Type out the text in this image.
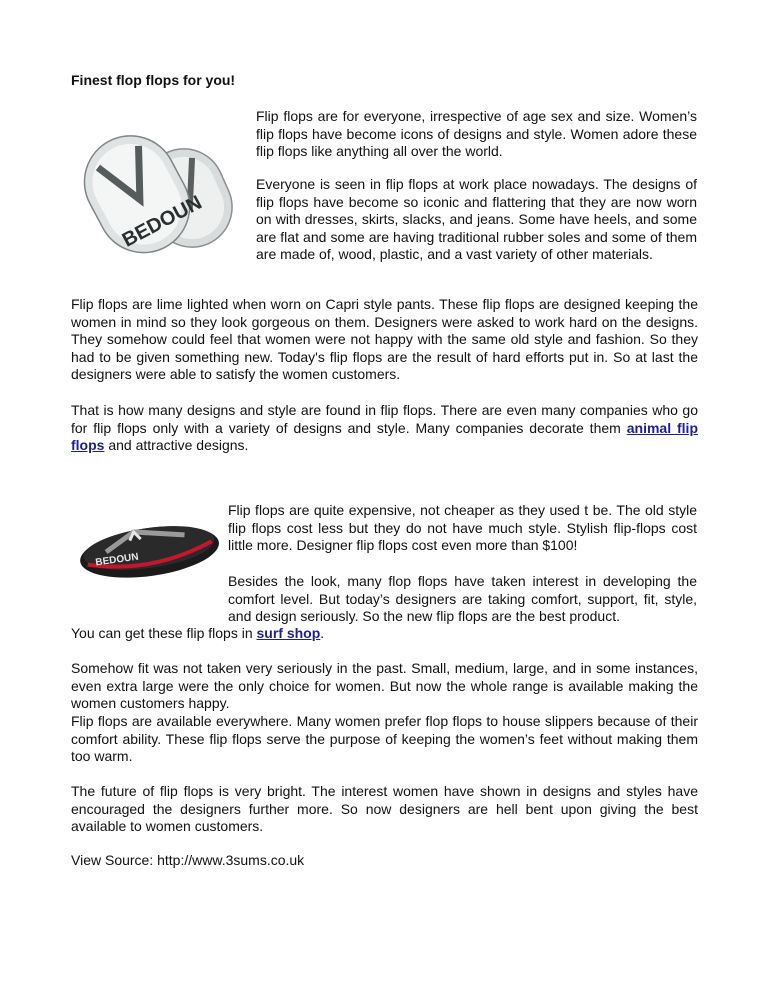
Finest flop flops for you!
BEDOUN

Flip flops are for everyone, irrespective of age sex and size. Women’s flip flops have become icons of designs and style. Women adore these flip flops like anything all over the world.

Everyone is seen in flip flops at work place nowadays. The designs of flip flops have become so iconic and flattering that they are now worn on with dresses, skirts, slacks, and jeans. Some have heels, and some are flat and some are having traditional rubber soles and some of them are made of, wood, plastic, and a vast variety of other materials.

Flip flops are lime lighted when worn on Capri style pants. These flip flops are designed keeping the women in mind so they look gorgeous on them. Designers were asked to work hard on the designs. They somehow could feel that women were not happy with the same old style and fashion. So they had to be given something new. Today's flip flops are the result of hard efforts put in. So at last the designers were able to satisfy the women customers.

That is how many designs and style are found in flip flops. There are even many companies who go for flip flops only with a variety of designs and style. Many companies decorate them animal flip flops and attractive designs.

BEDOUN

Flip flops are quite expensive, not cheaper as they used t be. The old style flip flops cost less but they do not have much style. Stylish flip-flops cost little more. Designer flip flops cost even more than $100!

Besides the look, many flop flops have taken interest in developing the comfort level. But today’s designers are taking comfort, support, fit, style, and design seriously. So the new flip flops are the best product.

You can get these flip flops in surf shop.

Somehow fit was not taken very seriously in the past. Small, medium, large, and in some instances, even extra large were the only choice for women. But now the whole range is available making the women customers happy.

Flip flops are available everywhere. Many women prefer flop flops to house slippers because of their comfort ability. These flip flops serve the purpose of keeping the women’s feet without making them too warm.

The future of flip flops is very bright. The interest women have shown in designs and styles have encouraged the designers further more. So now designers are hell bent upon giving the best available to women customers.

View Source: http://www.3sums.co.uk
